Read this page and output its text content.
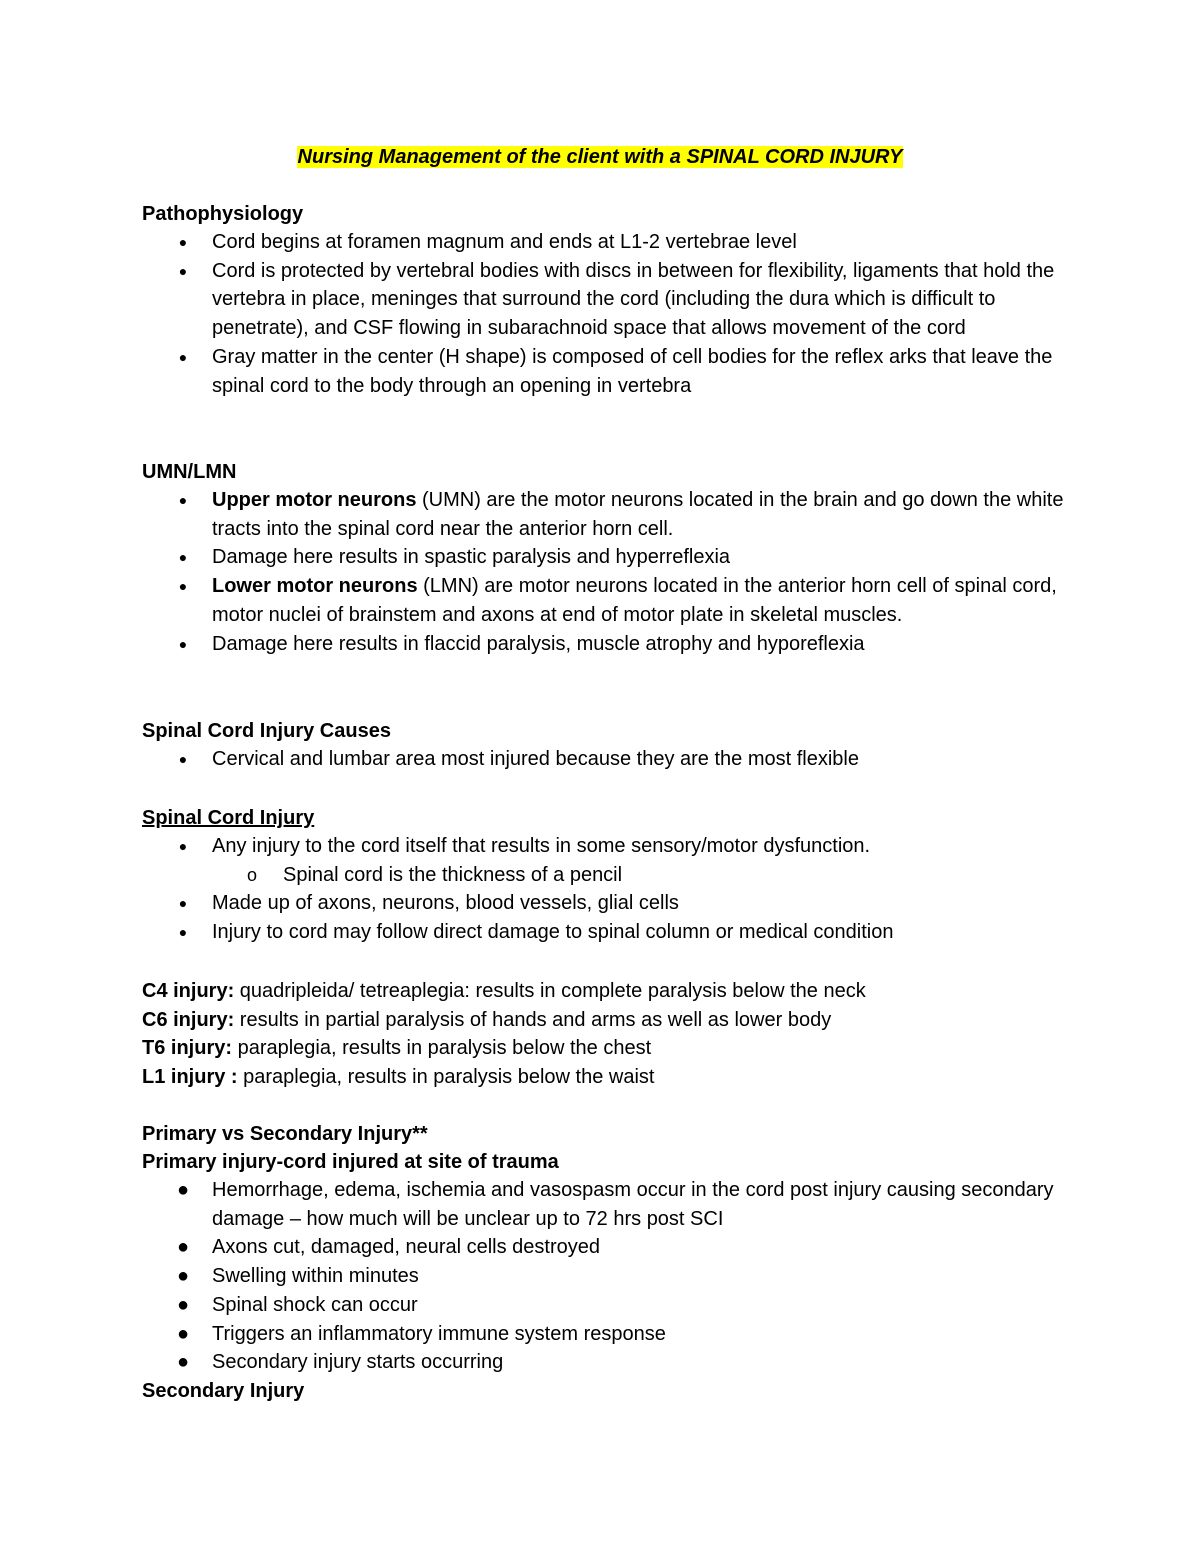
Nursing Management of the client with a SPINAL CORD INJURY

Pathophysiology

● Cord begins at foramen magnum and ends at L1-2 vertebrae level
● Cord is protected by vertebral bodies with discs in between for flexibility, ligaments that hold the vertebra in place, meninges that surround the cord (including the dura which is difficult to penetrate), and CSF flowing in subarachnoid space that allows movement of the cord
● Gray matter in the center (H shape) is composed of cell bodies for the reflex arks that leave the spinal cord to the body through an opening in vertebra

UMN/LMN

● Upper motor neurons (UMN) are the motor neurons located in the brain and go down the white tracts into the spinal cord near the anterior horn cell.
● Damage here results in spastic paralysis and hyperreflexia
● Lower motor neurons (LMN) are motor neurons located in the anterior horn cell of spinal cord, motor nuclei of brainstem and axons at end of motor plate in skeletal muscles.
● Damage here results in flaccid paralysis, muscle atrophy and hyporeflexia

Spinal Cord Injury Causes

● Cervical and lumbar area most injured because they are the most flexible

Spinal Cord Injury

● Any injury to the cord itself that results in some sensory/motor dysfunction.
o Spinal cord is the thickness of a pencil
● Made up of axons, neurons, blood vessels, glial cells
● Injury to cord may follow direct damage to spinal column or medical condition
C4 injury: quadripleida/ tetreaplegia: results in complete paralysis below the neck
C6 injury: results in partial paralysis of hands and arms as well as lower body
T6 injury: paraplegia, results in paralysis below the chest
L1 injury : paraplegia, results in paralysis below the waist

Primary vs Secondary Injury**

Primary injury-cord injured at site of trauma

● Hemorrhage, edema, ischemia and vasospasm occur in the cord post injury causing secondary damage – how much will be unclear up to 72 hrs post SCI
● Axons cut, damaged, neural cells destroyed
● Swelling within minutes
● Spinal shock can occur
● Triggers an inflammatory immune system response
● Secondary injury starts occurring

Secondary Injury
